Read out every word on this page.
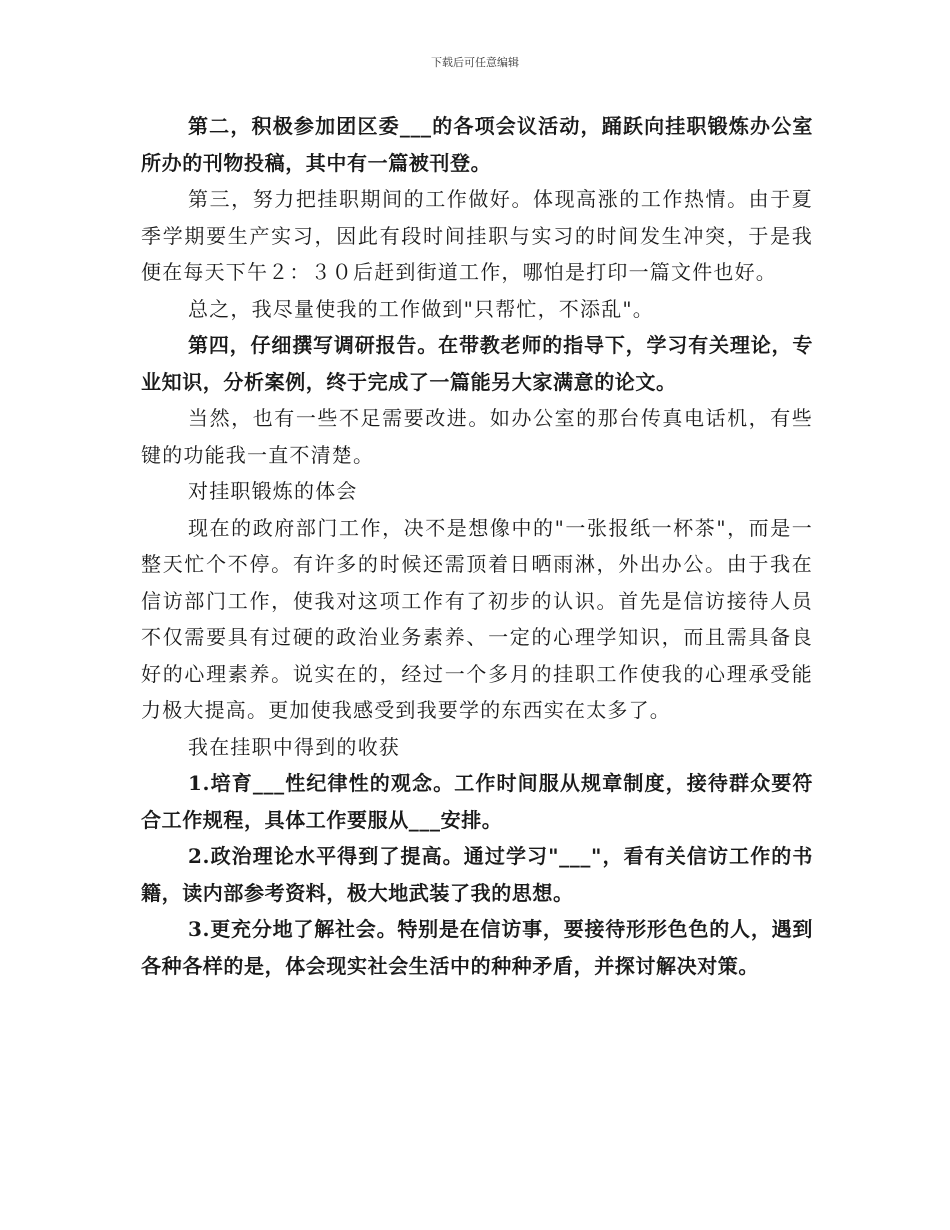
下载后可任意编辑

第二，积极参加团区委___的各项会议活动，踊跃向挂职锻炼办公室所办的刊物投稿，其中有一篇被刊登。

第三，努力把挂职期间的工作做好。体现高涨的工作热情。由于夏季学期要生产实习，因此有段时间挂职与实习的时间发生冲突，于是我便在每天下午２：３０后赶到街道工作，哪怕是打印一篇文件也好。

总之，我尽量使我的工作做到"只帮忙，不添乱"。

第四，仔细撰写调研报告。在带教老师的指导下，学习有关理论，专业知识，分析案例，终于完成了一篇能另大家满意的论文。

当然，也有一些不足需要改进。如办公室的那台传真电话机，有些键的功能我一直不清楚。

对挂职锻炼的体会

现在的政府部门工作，决不是想像中的"一张报纸一杯茶"，而是一整天忙个不停。有许多的时候还需顶着日晒雨淋，外出办公。由于我在信访部门工作，使我对这项工作有了初步的认识。首先是信访接待人员不仅需要具有过硬的政治业务素养、一定的心理学知识，而且需具备良好的心理素养。说实在的，经过一个多月的挂职工作使我的心理承受能力极大提高。更加使我感受到我要学的东西实在太多了。

我在挂职中得到的收获

1.培育___性纪律性的观念。工作时间服从规章制度，接待群众要符合工作规程，具体工作要服从___安排。

2.政治理论水平得到了提高。通过学习"___"，看有关信访工作的书籍，读内部参考资料，极大地武装了我的思想。

3.更充分地了解社会。特别是在信访事，要接待形形色色的人，遇到各种各样的是，体会现实社会生活中的种种矛盾，并探讨解决对策。
